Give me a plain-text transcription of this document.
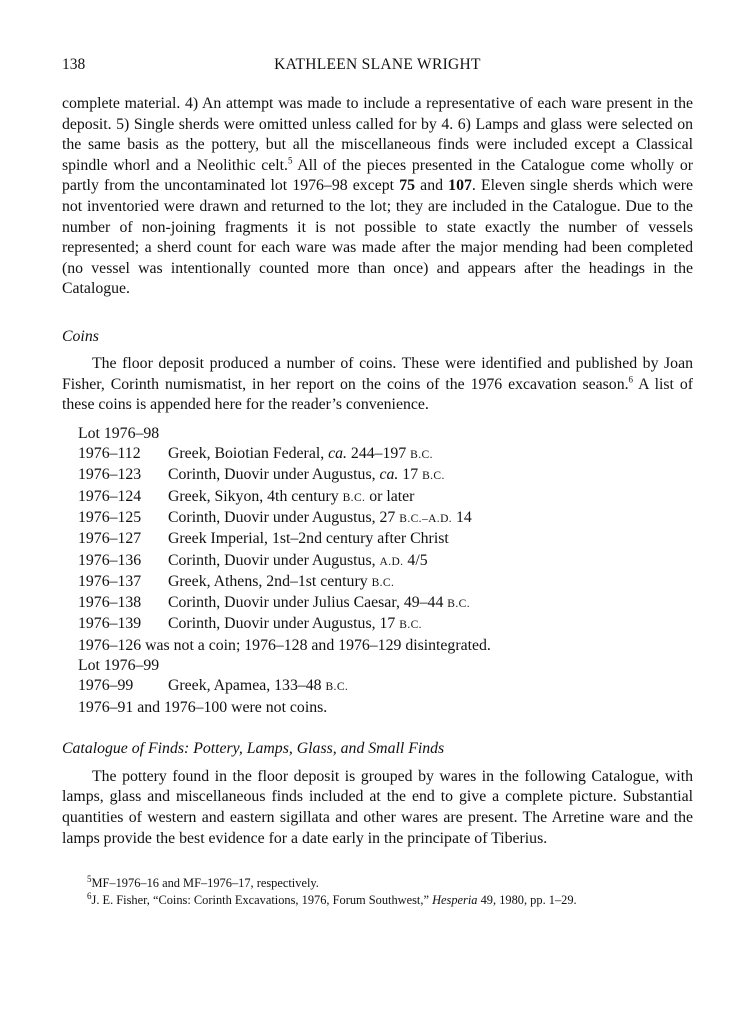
138	KATHLEEN SLANE WRIGHT

complete material. 4) An attempt was made to include a representative of each ware present in the deposit. 5) Single sherds were omitted unless called for by 4. 6) Lamps and glass were selected on the same basis as the pottery, but all the miscellaneous finds were included except a Classical spindle whorl and a Neolithic celt.$^5$ All of the pieces presented in the Catalogue come wholly or partly from the uncontaminated lot 1976–98 except 75 and 107. Eleven single sherds which were not inventoried were drawn and returned to the lot; they are included in the Catalogue. Due to the number of non-joining fragments it is not possible to state exactly the number of vessels represented; a sherd count for each ware was made after the major mending had been completed (no vessel was intentionally counted more than once) and appears after the headings in the Catalogue.

Coins

The floor deposit produced a number of coins. These were identified and published by Joan Fisher, Corinth numismatist, in her report on the coins of the 1976 excavation season.$^6$ A list of these coins is appended here for the reader’s convenience.

Lot 1976–98
1976–112 Greek, Boiotian Federal, ca. 244–197 B.C.
1976–123 Corinth, Duovir under Augustus, ca. 17 B.C.
1976–124 Greek, Sikyon, 4th century B.C. or later
1976–125 Corinth, Duovir under Augustus, 27 B.C.–A.D. 14
1976–127 Greek Imperial, 1st–2nd century after Christ
1976–136 Corinth, Duovir under Augustus, A.D. 4/5
1976–137 Greek, Athens, 2nd–1st century B.C.
1976–138 Corinth, Duovir under Julius Caesar, 49–44 B.C.
1976–139 Corinth, Duovir under Augustus, 17 B.C.
1976–126 was not a coin; 1976–128 and 1976–129 disintegrated.
Lot 1976–99
1976–99 Greek, Apamea, 133–48 B.C.
1976–91 and 1976–100 were not coins.

Catalogue of Finds: Pottery, Lamps, Glass, and Small Finds

The pottery found in the floor deposit is grouped by wares in the following Catalogue, with lamps, glass and miscellaneous finds included at the end to give a complete picture. Substantial quantities of western and eastern sigillata and other wares are present. The Arretine ware and the lamps provide the best evidence for a date early in the principate of Tiberius.

$^5$MF–1976–16 and MF–1976–17, respectively.

$^6$J. E. Fisher, “Coins: Corinth Excavations, 1976, Forum Southwest,” Hesperia 49, 1980, pp. 1–29.
